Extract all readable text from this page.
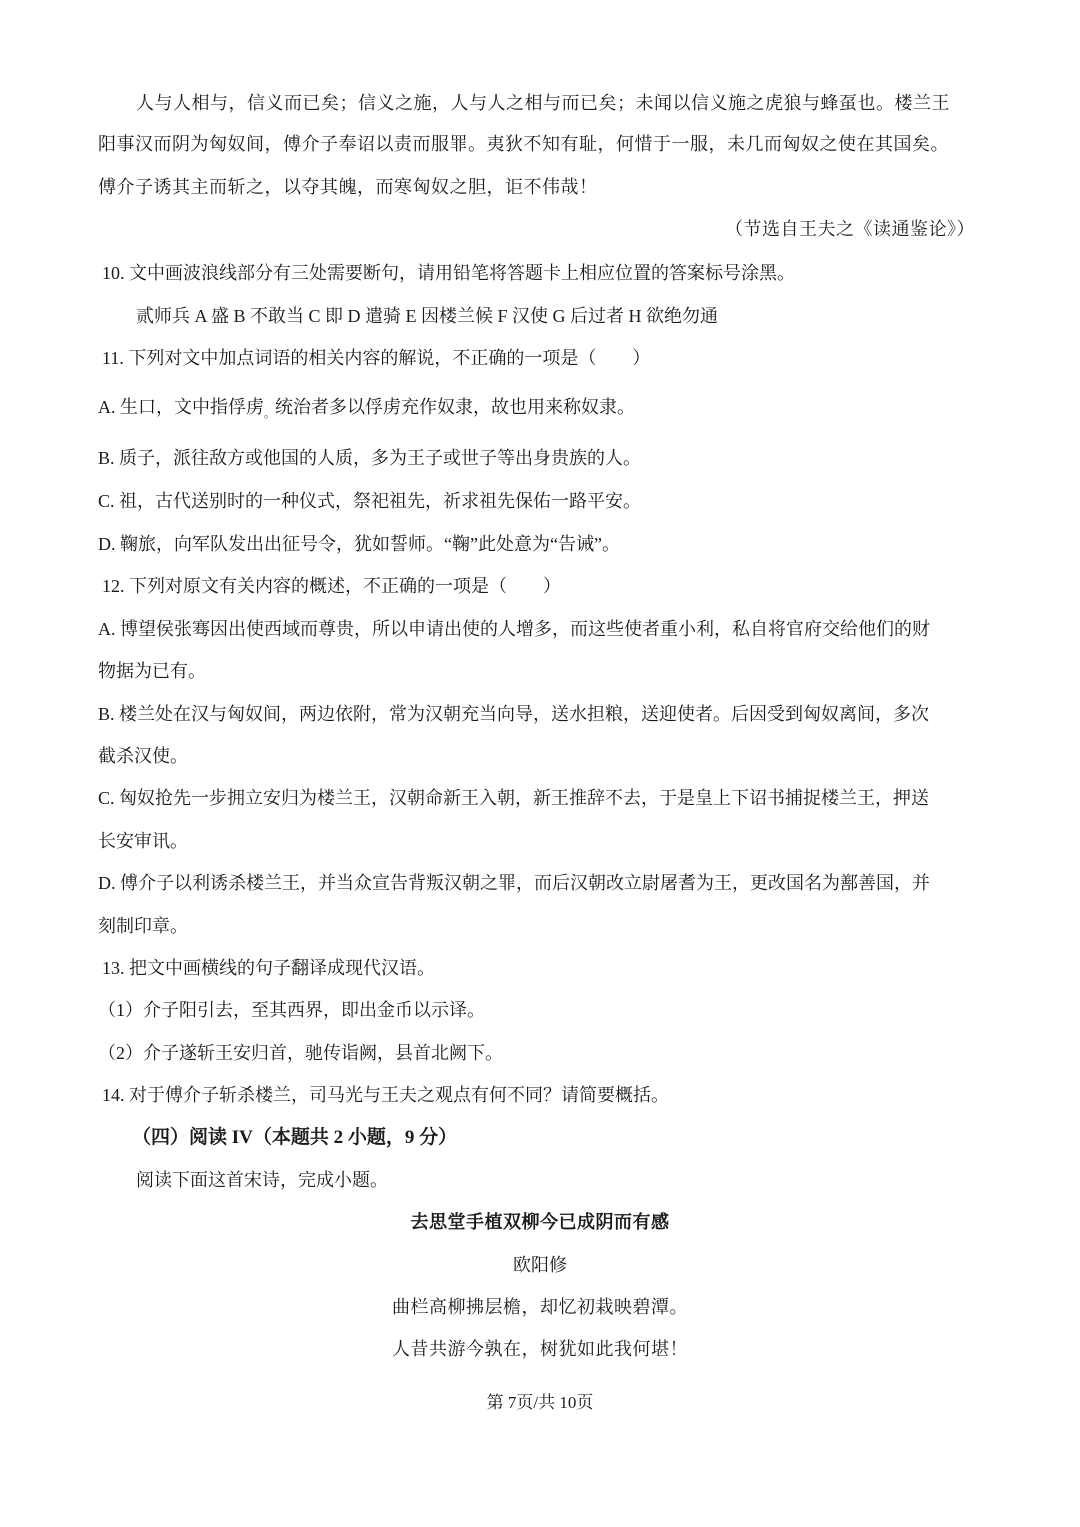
人与人相与，信义而已矣；信义之施，人与人之相与而已矣；未闻以信义施之虎狼与蜂虿也。楼兰王

阳事汉而阴为匈奴间，傅介子奉诏以责而服罪。夷狄不知有耻，何惜于一服，未几而匈奴之使在其国矣。

傅介子诱其主而斩之，以夺其魄，而寒匈奴之胆，讵不伟哉！

（节选自王夫之《读通鉴论》）

10. 文中画波浪线部分有三处需要断句，请用铅笔将答题卡上相应位置的答案标号涂黑。

贰师兵 A 盛 B 不敢当 C 即 D 遣骑 E 因楼兰候 F 汉使 G 后过者 H 欲绝勿通

11. 下列对文中加点词语的相关内容的解说，不正确的一项是（　　）

A. 生口，文中指俘虏$_。$统治者多以俘虏充作奴隶，故也用来称奴隶。

B. 质子，派往敌方或他国的人质，多为王子或世子等出身贵族的人。

C. 祖，古代送别时的一种仪式，祭祀祖先，祈求祖先保佑一路平安。

D. 鞠旅，向军队发出出征号令，犹如誓师。“鞠”此处意为“告诫”。

12. 下列对原文有关内容的概述，不正确的一项是（　　）

A. 博望侯张骞因出使西域而尊贵，所以申请出使的人增多，而这些使者重小利，私自将官府交给他们的财

物据为已有。

B. 楼兰处在汉与匈奴间，两边依附，常为汉朝充当向导，送水担粮，送迎使者。后因受到匈奴离间，多次

截杀汉使。

C. 匈奴抢先一步拥立安归为楼兰王，汉朝命新王入朝，新王推辞不去，于是皇上下诏书捕捉楼兰王，押送

长安审讯。

D. 傅介子以利诱杀楼兰王，并当众宣告背叛汉朝之罪，而后汉朝改立尉屠耆为王，更改国名为鄯善国，并

刻制印章。

13. 把文中画横线的句子翻译成现代汉语。

（1）介子阳引去，至其西界，即出金币以示译。

（2）介子遂斩王安归首，驰传诣阙，县首北阙下。

14. 对于傅介子斩杀楼兰，司马光与王夫之观点有何不同？请简要概括。

（四）阅读 IV（本题共 2 小题，9 分）

阅读下面这首宋诗，完成小题。

去思堂手植双柳今已成阴而有感

欧阳修

曲栏高柳拂层檐，却忆初栽映碧潭。

人昔共游今孰在，树犹如此我何堪！

第 7页/共 10页
